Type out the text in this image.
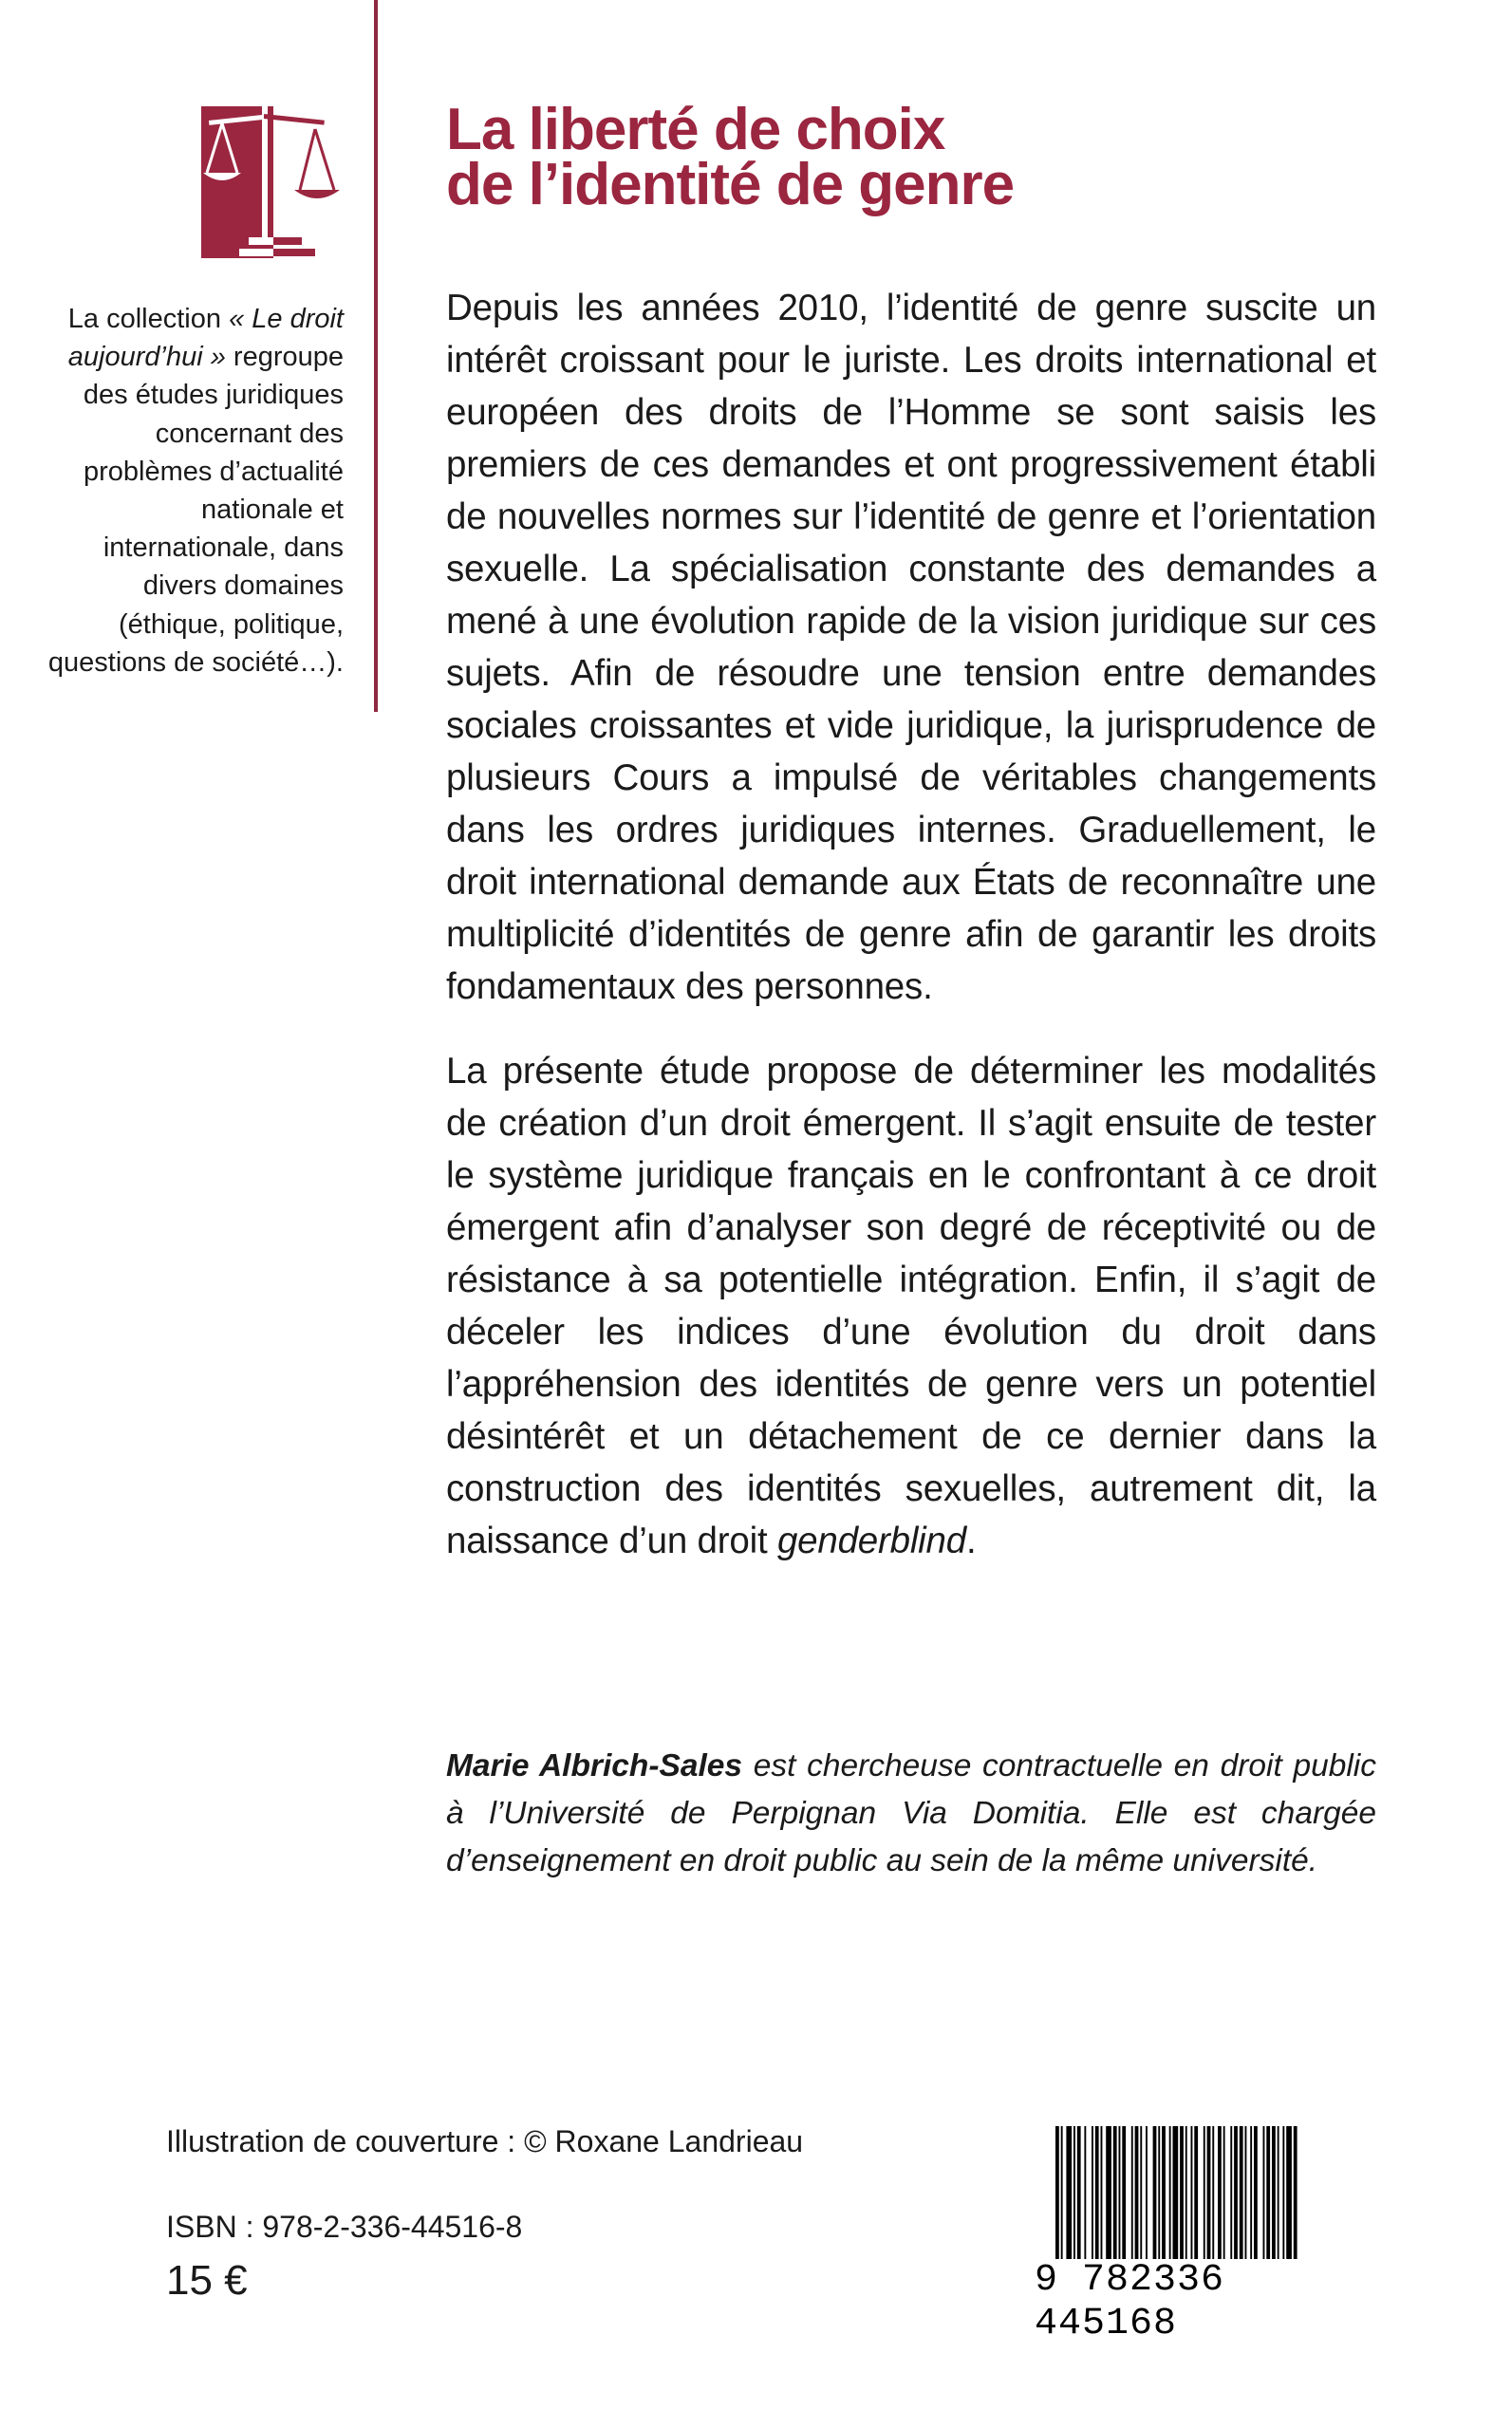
La liberté de choix
de l’identité de genre

La collection « Le droit aujourd’hui » regroupe des études juridiques concernant des problèmes d’actualité nationale et internationale, dans divers domaines (éthique, politique, questions de société…).

Depuis les années 2010, l’identité de genre suscite un intérêt croissant pour le juriste. Les droits international et européen des droits de l’Homme se sont saisis les premiers de ces demandes et ont progressivement établi de nouvelles normes sur l’identité de genre et l’orientation sexuelle. La spécialisation constante des demandes a mené à une évolution rapide de la vision juridique sur ces sujets. Afin de résoudre une tension entre demandes sociales croissantes et vide juridique, la jurisprudence de plusieurs Cours a impulsé de véritables changements dans les ordres juridiques internes. Graduellement, le droit international demande aux États de reconnaître une multiplicité d’identités de genre afin de garantir les droits fondamentaux des personnes.

La présente étude propose de déterminer les modalités de création d’un droit émergent. Il s’agit ensuite de tester le système juridique français en le confrontant à ce droit émergent afin d’analyser son degré de réceptivité ou de résistance à sa potentielle intégration. Enfin, il s’agit de déceler les indices d’une évolution du droit dans l’appréhension des identités de genre vers un potentiel désintérêt et un détachement de ce dernier dans la construction des identités sexuelles, autrement dit, la naissance d’un droit genderblind.

Marie Albrich-Sales est chercheuse contractuelle en droit public à l’Université de Perpignan Via Domitia. Elle est chargée d’enseignement en droit public au sein de la même université.

Illustration de couverture : © Roxane Landrieau
ISBN : 978-2-336-44516-8
15 €	9 782336 445168
